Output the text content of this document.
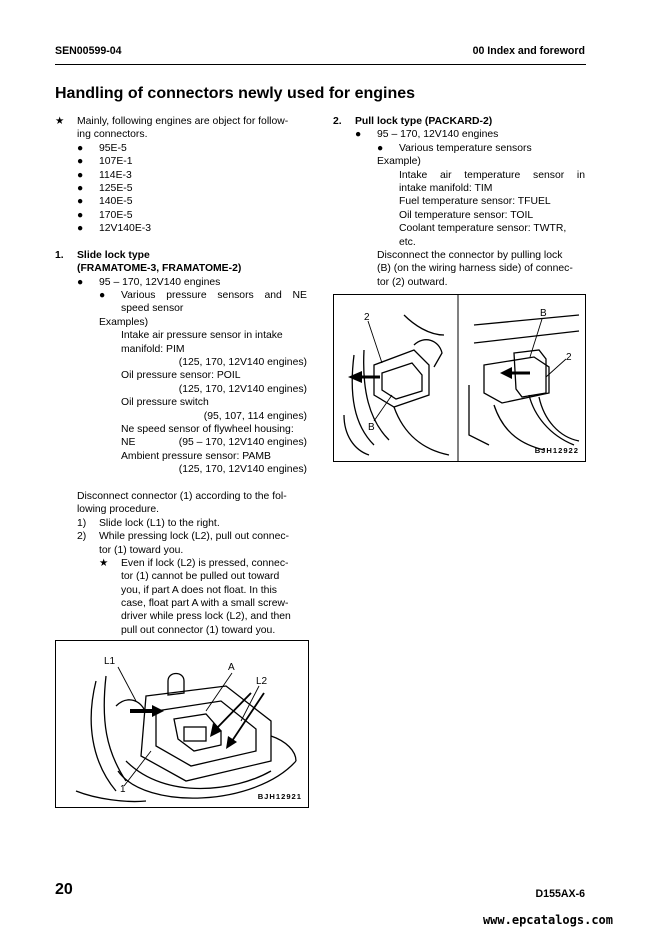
SEN00599-04	00 Index and foreword
Handling of connectors newly used for engines
★ Mainly, following engines are object for follow-
ing connectors.
● 95E-5
● 107E-1
● 114E-3
● 125E-5
● 140E-5
● 170E-5
● 12V140E-3
1. Slide lock type
(FRAMATOME-3, FRAMATOME-2)
● 95 – 170, 12V140 engines
● Various pressure sensors and NE
speed sensor
Examples)
Intake air pressure sensor in intake
manifold: PIM
(125, 170, 12V140 engines)
Oil pressure sensor: POIL
(125, 170, 12V140 engines)
Oil pressure switch
(95, 107, 114 engines)
Ne speed sensor of flywheel housing:
NE	(95 – 170, 12V140 engines)
Ambient pressure sensor: PAMB
(125, 170, 12V140 engines)
Disconnect connector (1) according to the fol-
lowing procedure.
1) Slide lock (L1) to the right.
2) While pressing lock (L2), pull out connec-
tor (1) toward you.
★ Even if lock (L2) is pressed, connec-
tor (1) cannot be pulled out toward
you, if part A does not float. In this
case, float part A with a small screw-
driver while press lock (L2), and then
pull out connector (1) toward you.
L1
A
L2
1
BJH12921
2. Pull lock type (PACKARD-2)
● 95 – 170, 12V140 engines
● Various temperature sensors
Example)
Intake air temperature sensor in
intake manifold: TIM
Fuel temperature sensor: TFUEL
Oil temperature sensor: TOIL
Coolant temperature sensor: TWTR,
etc.
Disconnect the connector by pulling lock
(B) (on the wiring harness side) of connec-
tor (2) outward.
2
B
B
2
BJH12922
20	D155AX-6
www.epcatalogs.com
